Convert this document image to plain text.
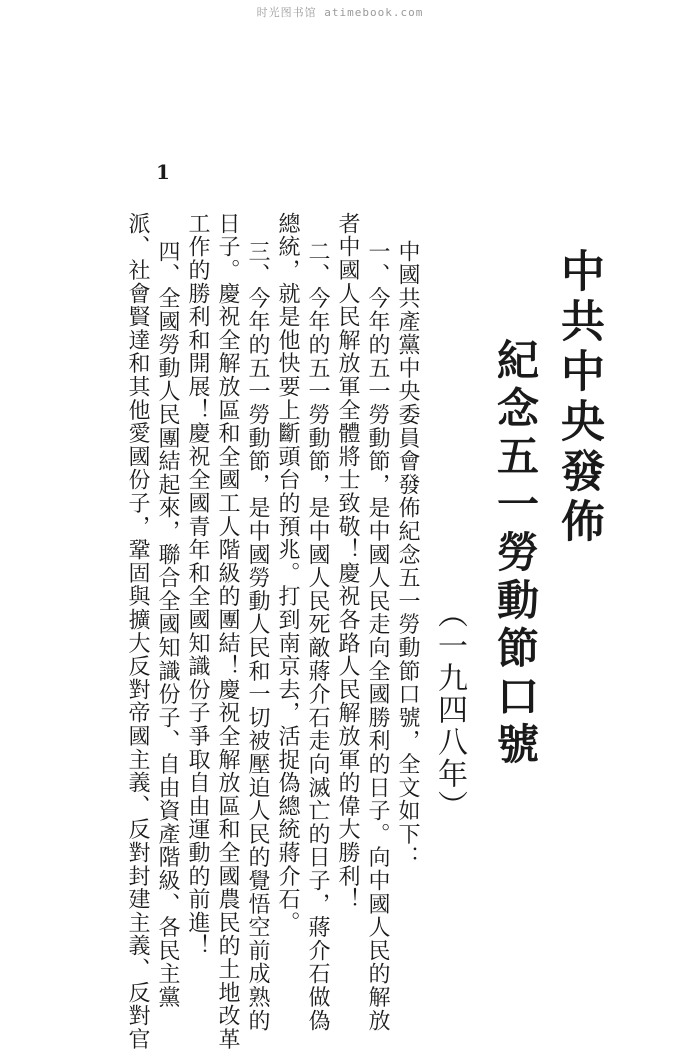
时光图书馆 atimebook.com
1
中共中央發佈
紀念五一勞動節口號
（一九四八年）
中國共產黨中央委員會發佈紀念五一勞動節口號，全文如下：
一、今年的五一勞動節，是中國人民走向全國勝利的日子。向中國人民的解放
者中國人民解放軍全體將士致敬！慶祝各路人民解放軍的偉大勝利！
二、今年的五一勞動節，是中國人民死敵蔣介石走向滅亡的日子，蔣介石做偽
總統，就是他快要上斷頭台的預兆。打到南京去，活捉偽總統蔣介石。
三、今年的五一勞動節，是中國勞動人民和一切被壓迫人民的覺悟空前成熟的
日子。慶祝全解放區和全國工人階級的團結！慶祝全解放區和全國農民的土地改革
工作的勝利和開展！慶祝全國青年和全國知識份子爭取自由運動的前進！
四、全國勞動人民團結起來，聯合全國知識份子、自由資產階級、各民主黨
派、社會賢達和其他愛國份子，鞏固與擴大反對帝國主義、反對封建主義、反對官
